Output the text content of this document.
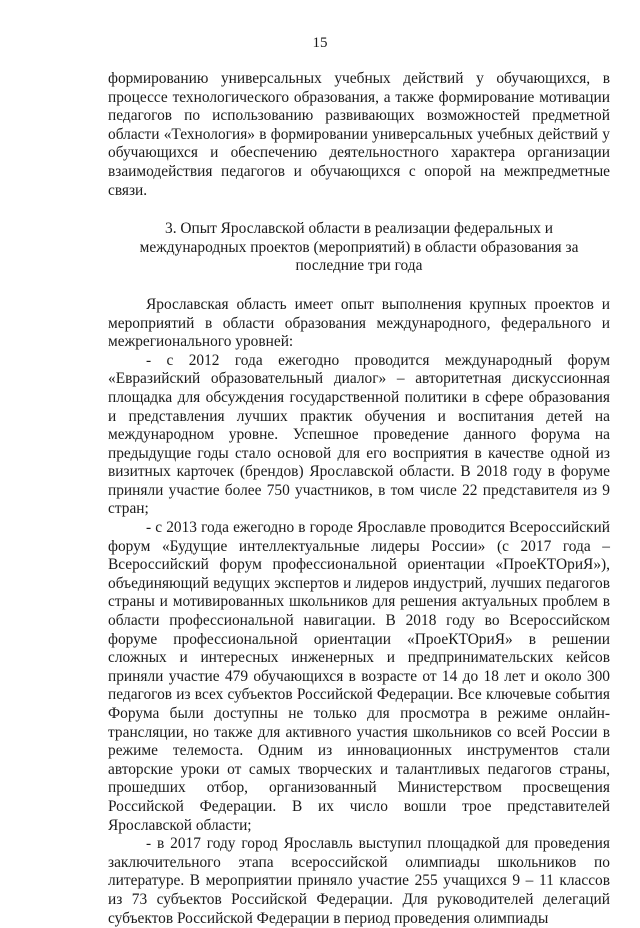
15

формированию универсальных учебных действий у обучающихся, в процессе технологического образования, а также формирование мотивации педагогов по использованию развивающих возможностей предметной области «Технология» в формировании универсальных учебных действий у обучающихся и обеспечению деятельностного характера организации взаимодействия педагогов и обучающихся с опорой на межпредметные связи.

3. Опыт Ярославской области в реализации федеральных и международных проектов (мероприятий) в области образования за последние три года

Ярославская область имеет опыт выполнения крупных проектов и мероприятий в области образования международного, федерального и межрегионального уровней:

- с 2012 года ежегодно проводится международный форум «Евразийский образовательный диалог» – авторитетная дискуссионная площадка для обсуждения государственной политики в сфере образования и представления лучших практик обучения и воспитания детей на международном уровне. Успешное проведение данного форума на предыдущие годы стало основой для его восприятия в качестве одной из визитных карточек (брендов) Ярославской области. В 2018 году в форуме приняли участие более 750 участников, в том числе 22 представителя из 9 стран;

- с 2013 года ежегодно в городе Ярославле проводится Всероссийский форум «Будущие интеллектуальные лидеры России» (с 2017 года – Всероссийский форум профессиональной ориентации «ПроеКТОриЯ»), объединяющий ведущих экспертов и лидеров индустрий, лучших педагогов страны и мотивированных школьников для решения актуальных проблем в области профессиональной навигации. В 2018 году во Всероссийском форуме профессиональной ориентации «ПроеКТОриЯ» в решении сложных и интересных инженерных и предпринимательских кейсов приняли участие 479 обучающихся в возрасте от 14 до 18 лет и около 300 педагогов из всех субъектов Российской Федерации. Все ключевые события Форума были доступны не только для просмотра в режиме онлайн-трансляции, но также для активного участия школьников со всей России в режиме телемоста. Одним из инновационных инструментов стали авторские уроки от самых творческих и талантливых педагогов страны, прошедших отбор, организованный Министерством просвещения Российской Федерации. В их число вошли трое представителей Ярославской области;

- в 2017 году город Ярославль выступил площадкой для проведения заключительного этапа всероссийской олимпиады школьников по литературе. В мероприятии приняло участие 255 учащихся 9 – 11 классов из 73 субъектов Российской Федерации. Для руководителей делегаций субъектов Российской Федерации в период проведения олимпиады
